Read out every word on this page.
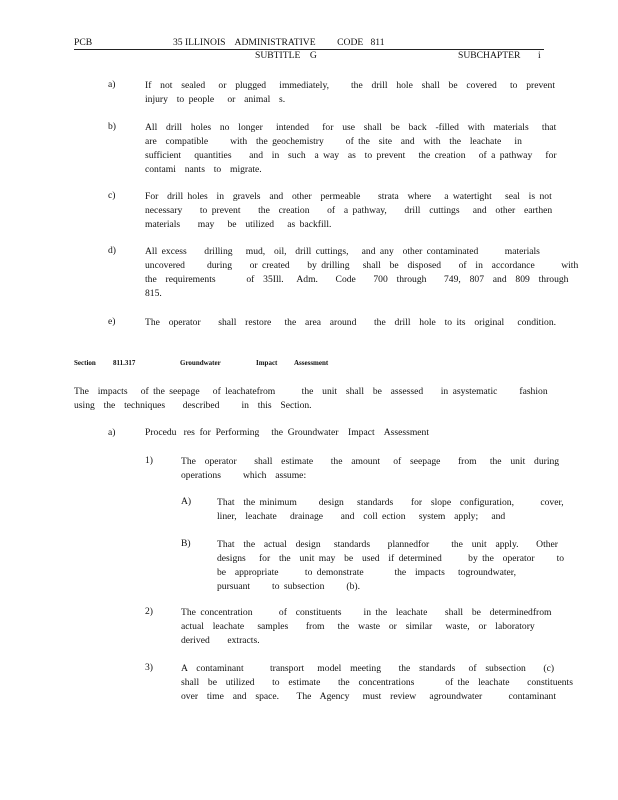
PCB	35 ILLINOIS    ADMINISTRATIVE         CODE   811
SUBTITLE    G	SUBCHAPTER i
a)	If  not  sealed   or  plugged   immediately,     the  drill  hole  shall  be  covered   to  prevent
injury  to people   or  animal  s.
b)	All  drill  holes  no  longer   intended   for  use  shall  be  back  -filled  with  materials   that
are  compatible     with  the geochemistry     of the  site  and  with  the  leachate   in
sufficient   quantities    and  in  such  a way  as  to prevent   the creation   of a pathway   for
contami  nants  to  migrate.
c)	For  drill holes  in  gravels  and  other  permeable    strata  where   a watertight   seal  is not
necessary    to prevent    the  creation    of  a pathway,    drill  cuttings   and  other  earthen
materials    may   be  utilized   as backfill.
d)	All excess    drilling   mud,  oil,  drill cuttings,   and any  other contaminated      materials
uncovered     during    or created    by drilling   shall  be  disposed    of  in  accordance      with
the  requirements       of  35Ill.   Adm.    Code    700  through    749,  807  and  809  through
815.
e)	The  operator    shall  restore   the  area  around    the  drill  hole  to its  original   condition.
Section 811.317	Groundwater	Impact Assessment
The  impacts   of the seepage   of leachatefrom      the  unit  shall  be  assessed    in asystematic     fashion
using  the  techniques    described     in  this  Section.
a)	Procedu   res  for  Performing     the  Groundwater    Impact    Assessment
1)	The  operator    shall  estimate    the  amount   of  seepage    from   the  unit  during
operations     which  assume:
A)	That  the minimum     design   standards    for  slope  configuration,      cover,
liner,  leachate   drainage    and  coll ection   system  apply;   and
B)	That  the  actual  design   standards    plannedfor     the  unit  apply.    Other
designs   for  the  unit may  be  used  if determined      by the  operator     to
be  appropriate      to demonstrate       the  impacts   togroundwater,
pursuant     to subsection     (b).
2)	The concentration      of  constituents     in the  leachate    shall  be  determinedfrom
actual  leachate   samples    from   the  waste  or  similar   waste,  or  laboratory
derived    extracts.
3)	A  contaminant      transport   model  meeting    the  standards   of  subsection    (c)
shall  be  utilized    to  estimate    the  concentrations       of the  leachate    constituents
over  time  and  space.    The  Agency   must  review   agroundwater      contaminant
